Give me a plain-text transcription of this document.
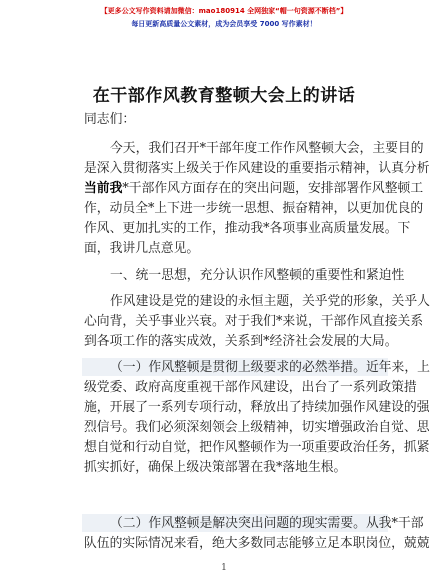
【更多公文写作资料请加微信：mao180914 全网独家“帽一句资源不断档”】
每日更新高质量公文素材，成为会员享受 7000 写作素材！
在干部作风教育整顿大会上的讲话
同志们：
今天，我们召开*干部年度工作作风整顿大会，主要目的
是深入贯彻落实上级关于作风建设的重要指示精神，认真分析
当前我*干部作风方面存在的突出问题，安排部署作风整顿工
作，动员全*上下进一步统一思想、振奋精神，以更加优良的
作风、更加扎实的工作，推动我*各项事业高质量发展。下
面，我讲几点意见。
一、统一思想，充分认识作风整顿的重要性和紧迫性
作风建设是党的建设的永恒主题，关乎党的形象，关乎人
心向背，关乎事业兴衰。对于我们*来说，干部作风直接关系
到各项工作的落实成效，关系到*经济社会发展的大局。
（一）作风整顿是贯彻上级要求的必然举措。近年来，上
级党委、政府高度重视干部作风建设，出台了一系列政策措
施，开展了一系列专项行动，释放出了持续加强作风建设的强
烈信号。我们必须深刻领会上级精神，切实增强政治自觉、思
想自觉和行动自觉，把作风整顿作为一项重要政治任务，抓紧
抓实抓好，确保上级决策部署在我*落地生根。
（二）作风整顿是解决突出问题的现实需要。从我*干部
队伍的实际情况来看，绝大多数同志能够立足本职岗位，兢兢
1
